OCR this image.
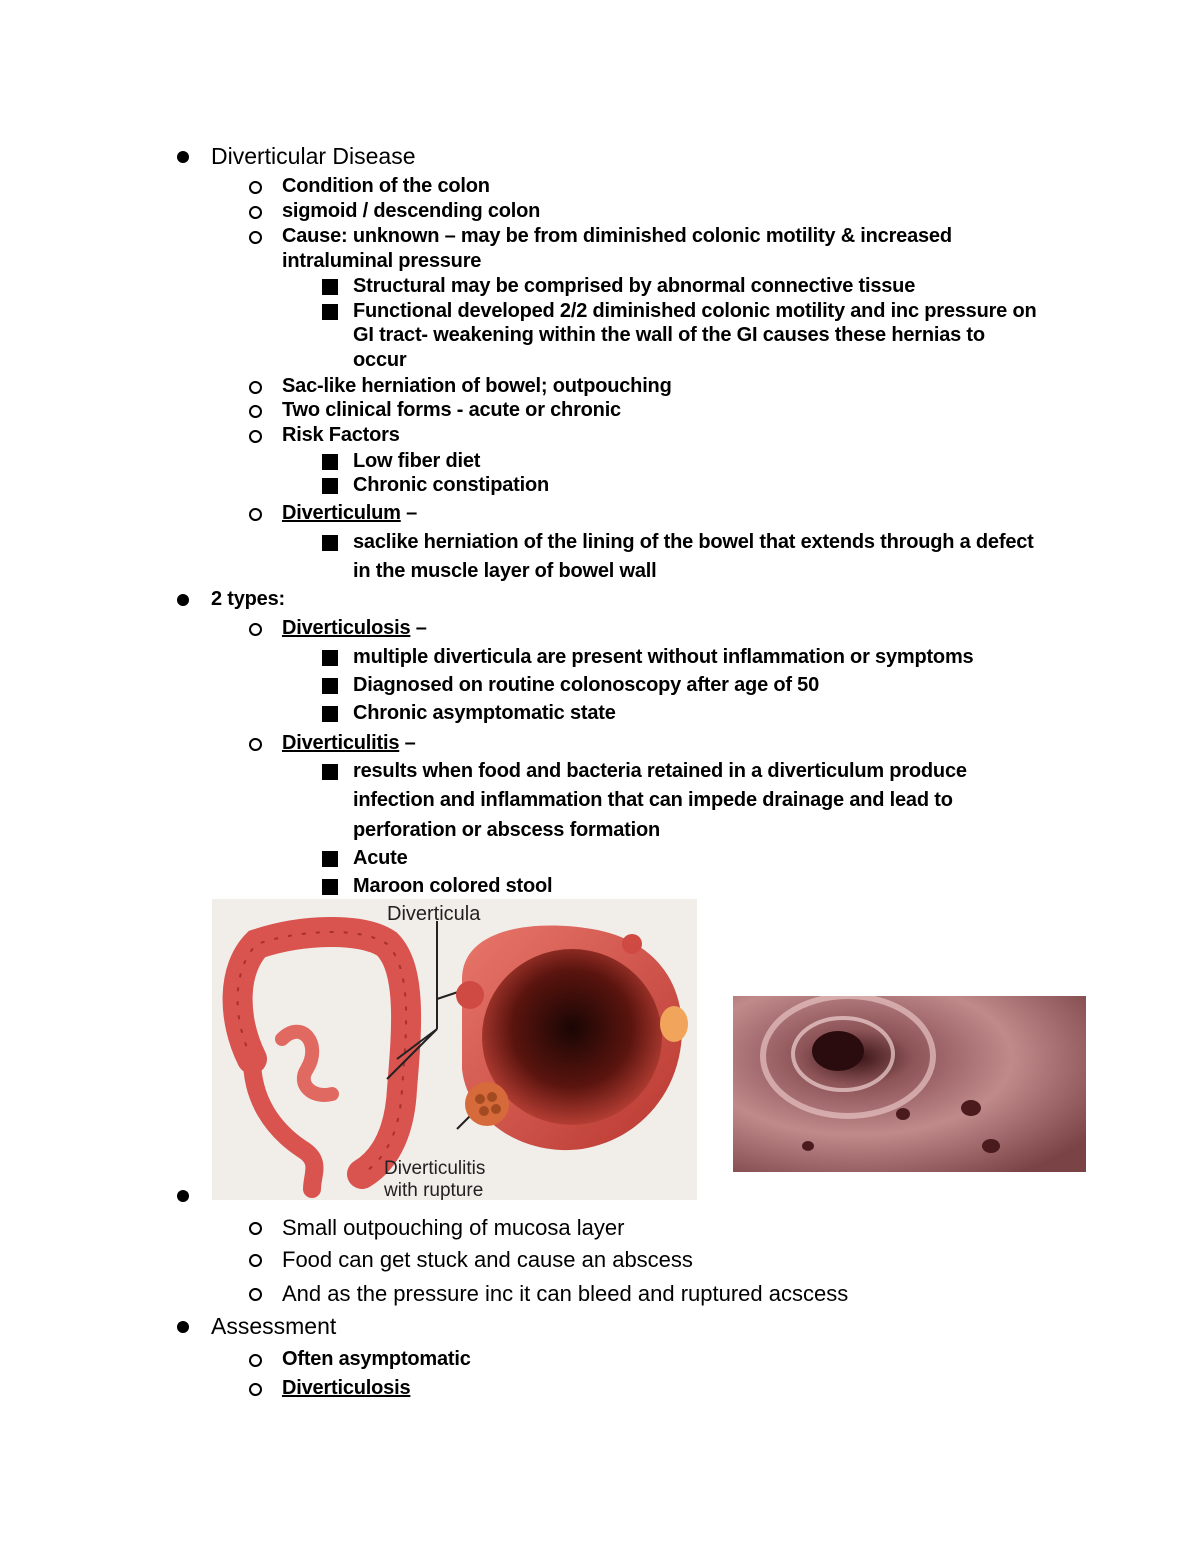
Diverticular Disease
Condition of the colon
sigmoid / descending colon
Cause: unknown – may be from diminished colonic motility & increased
intraluminal pressure
Structural may be comprised by abnormal connective tissue
Functional developed 2/2 diminished colonic motility and inc pressure on
GI tract- weakening within the wall of the GI causes these hernias to
occur
Sac-like herniation of bowel; outpouching
Two clinical forms - acute or chronic
Risk Factors
Low fiber diet
Chronic constipation
Diverticulum –
saclike herniation of the lining of the bowel that extends through a defect
in the muscle layer of bowel wall
2 types:
Diverticulosis –
multiple diverticula are present without inflammation or symptoms
Diagnosed on routine colonoscopy after age of 50
Chronic asymptomatic state
Diverticulitis –
results when food and bacteria retained in a diverticulum produce
infection and inflammation that can impede drainage and lead to
perforation or abscess formation
Acute
Maroon colored stool
Diverticula
Diverticulitis
with rupture
Small outpouching of mucosa layer
Food can get stuck and cause an abscess
And as the pressure inc it can bleed and ruptured acscess
Assessment
Often asymptomatic
Diverticulosis
